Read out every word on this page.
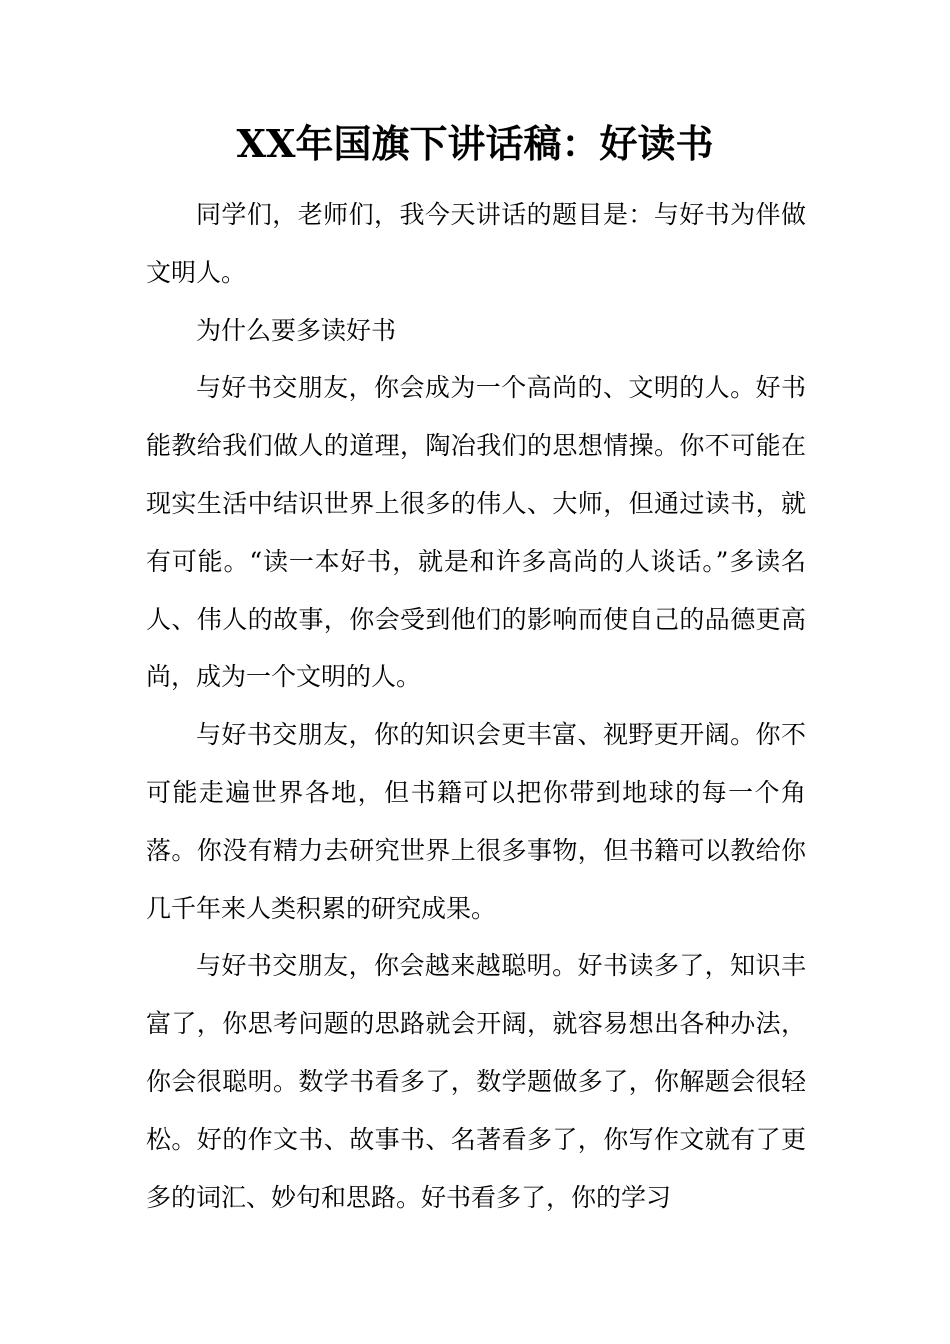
XX年国旗下讲话稿：好读书

同学们，老师们，我今天讲话的题目是：与好书为伴做文明人。

为什么要多读好书

与好书交朋友，你会成为一个高尚的、文明的人。好书能教给我们做人的道理，陶冶我们的思想情操。你不可能在现实生活中结识世界上很多的伟人、大师，但通过读书，就有可能。“读一本好书，就是和许多高尚的人谈话。”多读名人、伟人的故事，你会受到他们的影响而使自己的品德更高尚，成为一个文明的人。

与好书交朋友，你的知识会更丰富、视野更开阔。你不可能走遍世界各地，但书籍可以把你带到地球的每一个角落。你没有精力去研究世界上很多事物，但书籍可以教给你几千年来人类积累的研究成果。

与好书交朋友，你会越来越聪明。好书读多了，知识丰富了，你思考问题的思路就会开阔，就容易想出各种办法，你会很聪明。数学书看多了，数学题做多了，你解题会很轻松。好的作文书、故事书、名著看多了，你写作文就有了更多的词汇、妙句和思路。好书看多了，你的学习
